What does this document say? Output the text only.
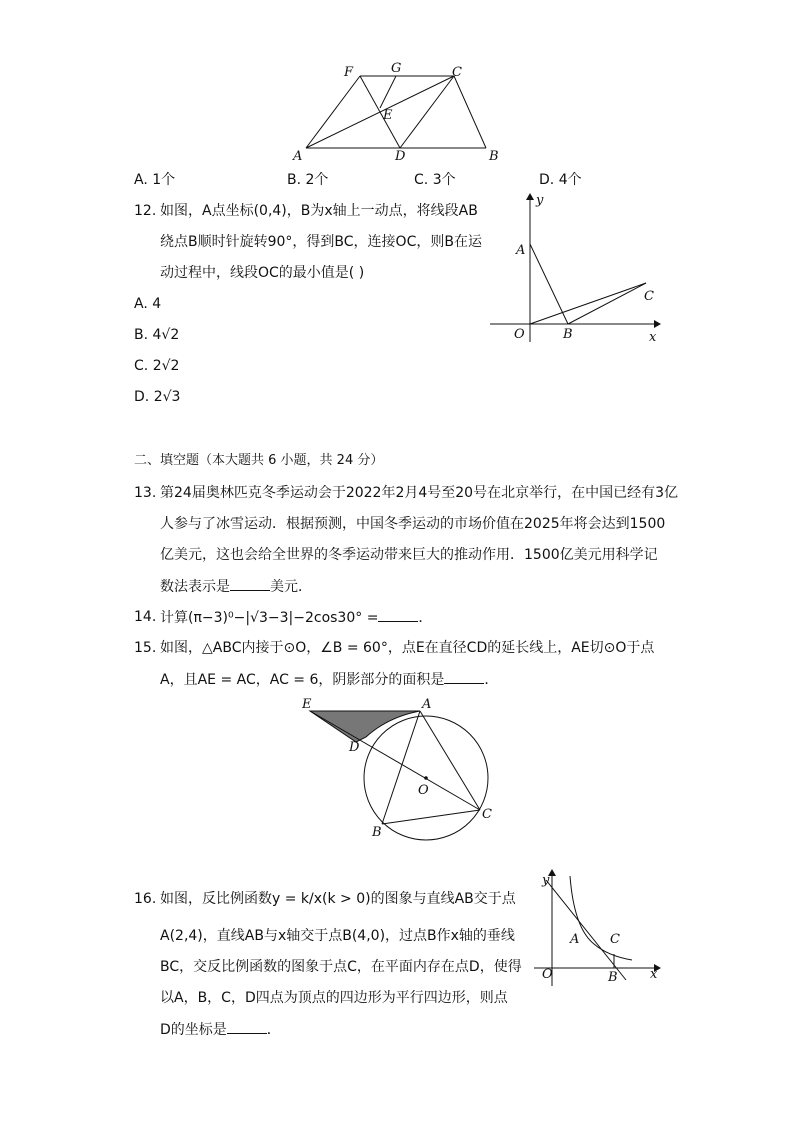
F	G	C
E
A	D	B
A. 1个	B. 2个	C. 3个	D. 4个
12. 如图，A点坐标(0,4)，B为x轴上一动点，将线段AB
绕点B顺时针旋转90°，得到BC，连接OC，则B在运
动过程中，线段OC的最小值是( )
A. 4
B. 4√2
C. 2√2
D. 2√3
y
x
A
O	B
C
二、填空题（本大题共 6 小题，共 24 分）
13. 第24届奥林匹克冬季运动会于2022年2月4号至20号在北京举行，在中国已经有3亿
人参与了冰雪运动．根据预测，中国冬季运动的市场价值在2025年将会达到1500
亿美元，这也会给全世界的冬季运动带来巨大的推动作用．1500亿美元用科学记
数法表示是	美元．
14. 计算(π−3)⁰−|√3−3|−2cos30° =	．
15. 如图，△ABC内接于⊙O，∠B = 60°，点E在直径CD的延长线上，AE切⊙O于点
A，且AE = AC，AC = 6，阴影部分的面积是	．
E	A
D
O
B
C
16. 如图，反比例函数y = k/x(k > 0)的图象与直线AB交于点
A(2,4)，直线AB与x轴交于点B(4,0)，过点B作x轴的垂线
BC，交反比例函数的图象于点C，在平面内存在点D，使得
以A，B，C，D四点为顶点的四边形为平行四边形，则点
D的坐标是	．
y
x
A C
O	B
